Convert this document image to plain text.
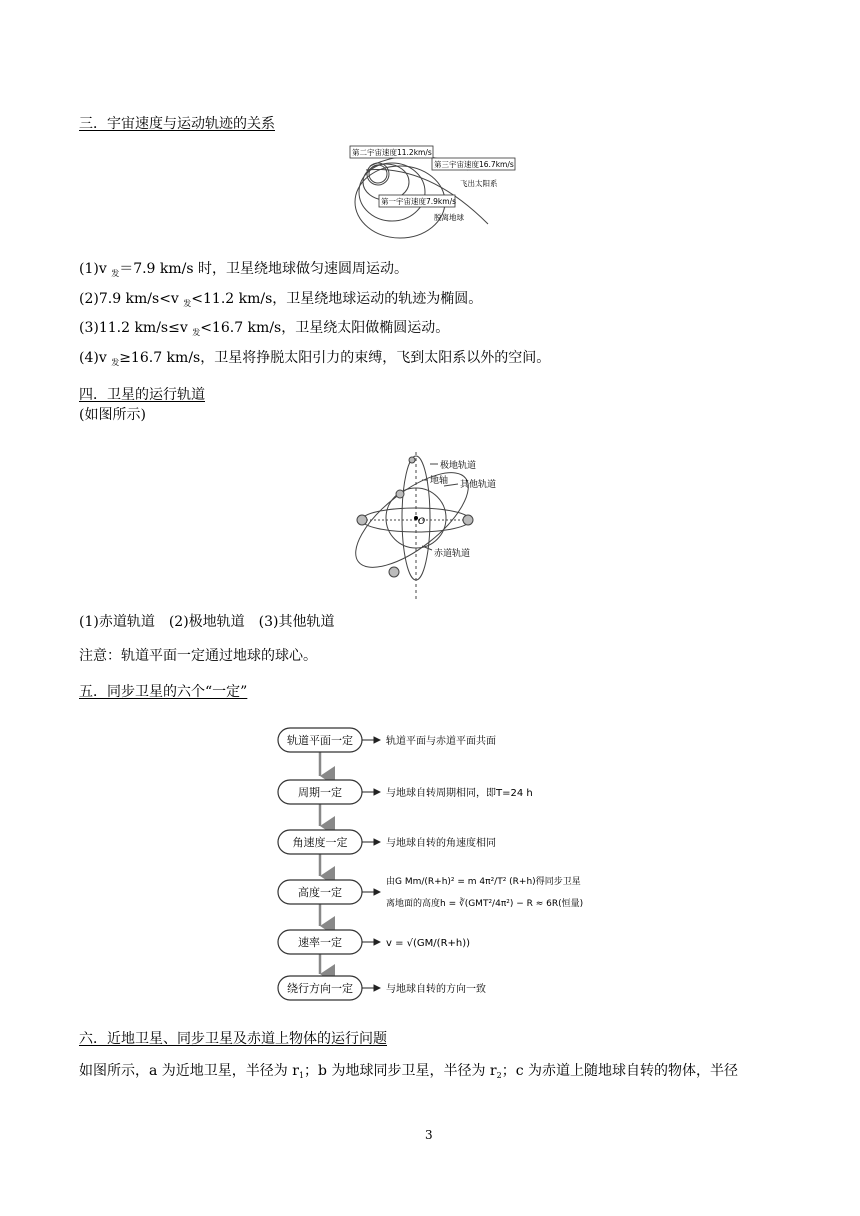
三．宇宙速度与运动轨迹的关系
第二宇宙速度11.2km/s
第三宇宙速度16.7km/s
飞出太阳系
第一宇宙速度7.9km/s
脱离地球
(1)v $_发$＝7.9 km/s 时，卫星绕地球做匀速圆周运动。
(2)7.9 km/s<v $_发$<11.2 km/s，卫星绕地球运动的轨迹为椭圆。
(3)11.2 km/s≤v $_发$<16.7 km/s，卫星绕太阳做椭圆运动。
(4)v $_发$≥16.7 km/s，卫星将挣脱太阳引力的束缚，飞到太阳系以外的空间。
四．卫星的运行轨道
(如图所示)
极地轨道
地轴 其他轨道
O
赤道轨道
(1)赤道轨道　(2)极地轨道　(3)其他轨道
注意：轨道平面一定通过地球的球心。
五．同步卫星的六个“一定”
轨道平面一定
周期一定
角速度一定
高度一定
速率一定
绕行方向一定
轨道平面与赤道平面共面
与地球自转周期相同，即T=24 h
与地球自转的角速度相同
由G Mm/(R+h)² = m 4π²/T² (R+h)得同步卫星
离地面的高度h = ∛(GMT²/4π²) − R ≈ 6R(恒量)
v = √(GM/(R+h))
与地球自转的方向一致
六．近地卫星、同步卫星及赤道上物体的运行问题
如图所示，a 为近地卫星，半径为 $r_1$；b 为地球同步卫星，半径为 $r_2$；c 为赤道上随地球自转的物体，半径
3
